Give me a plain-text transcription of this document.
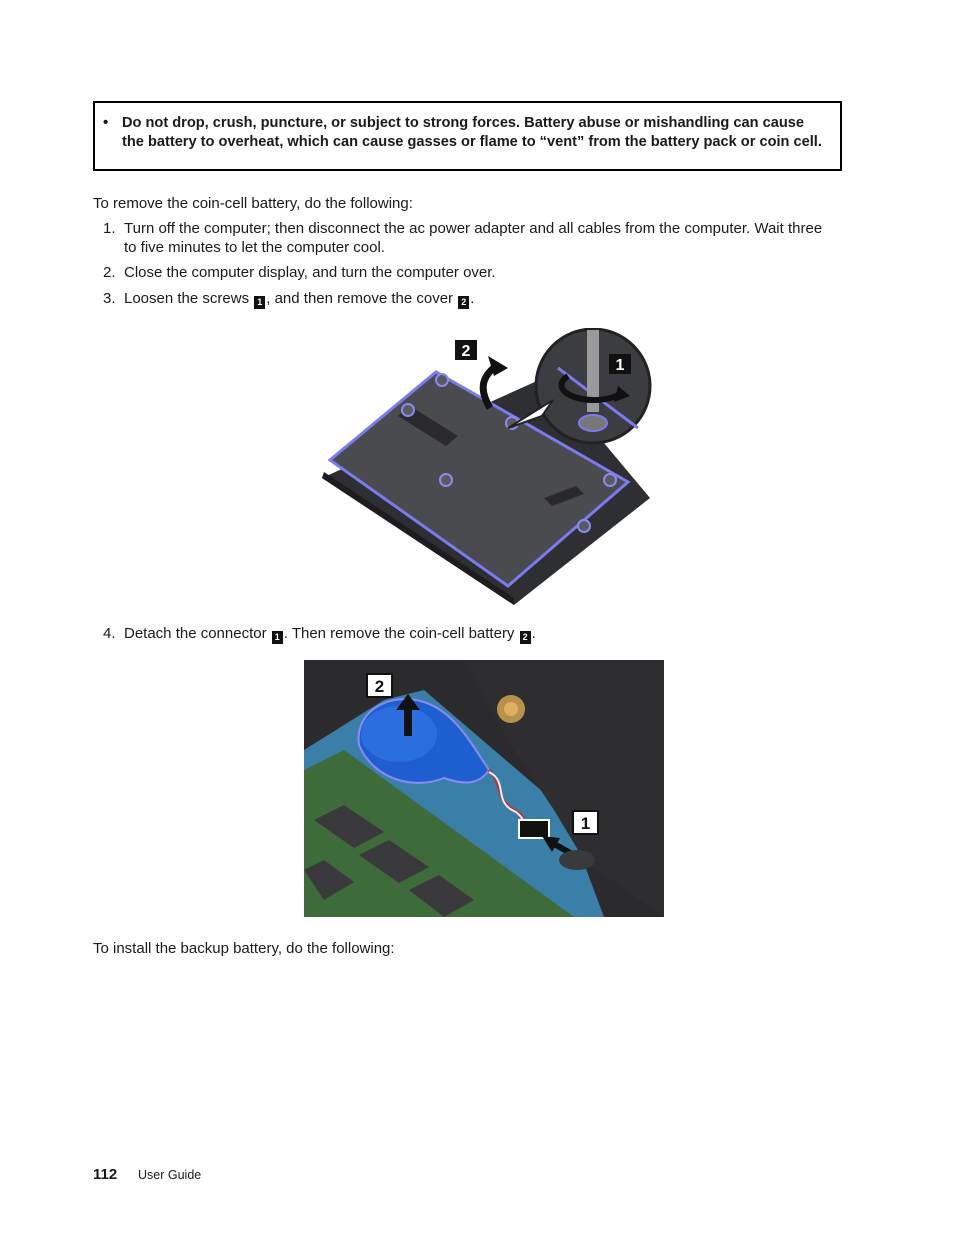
• Do not drop, crush, puncture, or subject to strong forces. Battery abuse or mishandling can cause the battery to overheat, which can cause gasses or flame to “vent” from the battery pack or coin cell.
To remove the coin-cell battery, do the following:
1. Turn off the computer; then disconnect the ac power adapter and all cables from the computer. Wait three to five minutes to let the computer cool.
2. Close the computer display, and turn the computer over.
3. Loosen the screws 1 , and then remove the cover 2 .
2
1
4. Detach the connector 1 . Then remove the coin-cell battery 2 .
2
1
To install the backup battery, do the following:
112 User Guide
